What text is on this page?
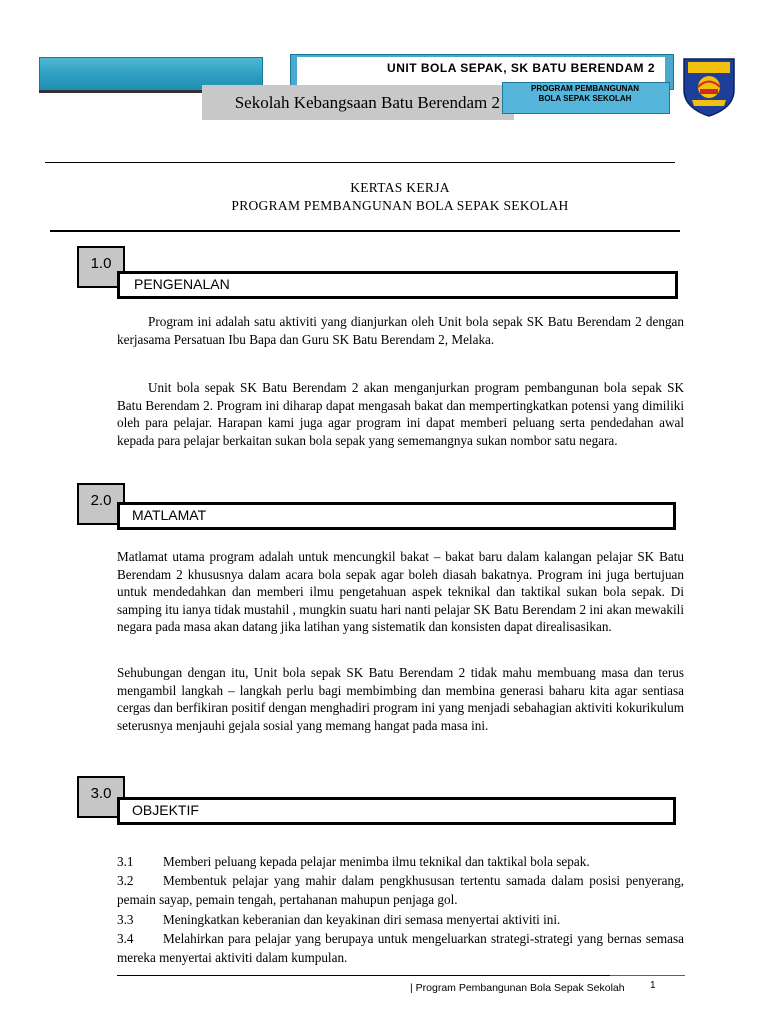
UNIT BOLA SEPAK, SK BATU BERENDAM 2
Sekolah Kebangsaan Batu Berendam 2
PROGRAM PEMBANGUNAN
BOLA SEPAK SEKOLAH
KERTAS KERJA
PROGRAM PEMBANGUNAN BOLA SEPAK SEKOLAH
1.0
PENGENALAN
Program ini adalah satu aktiviti yang dianjurkan oleh Unit bola sepak SK Batu Berendam 2 dengan kerjasama Persatuan Ibu Bapa dan Guru SK Batu Berendam 2, Melaka.
Unit bola sepak SK Batu Berendam 2 akan menganjurkan program pembangunan bola sepak SK Batu Berendam 2. Program ini diharap dapat mengasah bakat dan mempertingkatkan potensi yang dimiliki oleh para pelajar. Harapan kami juga agar program ini dapat memberi peluang serta pendedahan awal kepada para pelajar berkaitan sukan bola sepak yang sememangnya sukan nombor satu negara.
2.0
MATLAMAT
Matlamat utama program adalah untuk mencungkil bakat – bakat baru dalam kalangan pelajar SK Batu Berendam 2 khususnya dalam acara bola sepak agar boleh diasah bakatnya. Program ini juga bertujuan untuk mendedahkan dan memberi ilmu pengetahuan aspek teknikal dan taktikal sukan bola sepak. Di samping itu ianya tidak mustahil , mungkin suatu hari nanti pelajar SK Batu Berendam 2 ini akan mewakili negara pada masa akan datang jika latihan yang sistematik dan konsisten dapat direalisasikan.
Sehubungan dengan itu, Unit bola sepak SK Batu Berendam 2 tidak mahu membuang masa dan terus mengambil langkah – langkah perlu bagi membimbing dan membina generasi baharu kita agar sentiasa cergas dan berfikiran positif dengan menghadiri program ini yang menjadi sebahagian aktiviti kokurikulum seterusnya menjauhi gejala sosial yang memang hangat pada masa ini.
3.0
OBJEKTIF
3.1 Memberi peluang kepada pelajar menimba ilmu teknikal dan taktikal bola sepak.
3.2 Membentuk pelajar yang mahir dalam pengkhususan tertentu samada dalam posisi penyerang, pemain sayap, pemain tengah, pertahanan mahupun penjaga gol.
3.3 Meningkatkan keberanian dan keyakinan diri semasa menyertai aktiviti ini.
3.4 Melahirkan para pelajar yang berupaya untuk mengeluarkan strategi-strategi yang bernas semasa mereka menyertai aktiviti dalam kumpulan.
| Program Pembangunan Bola Sepak Sekolah	1
